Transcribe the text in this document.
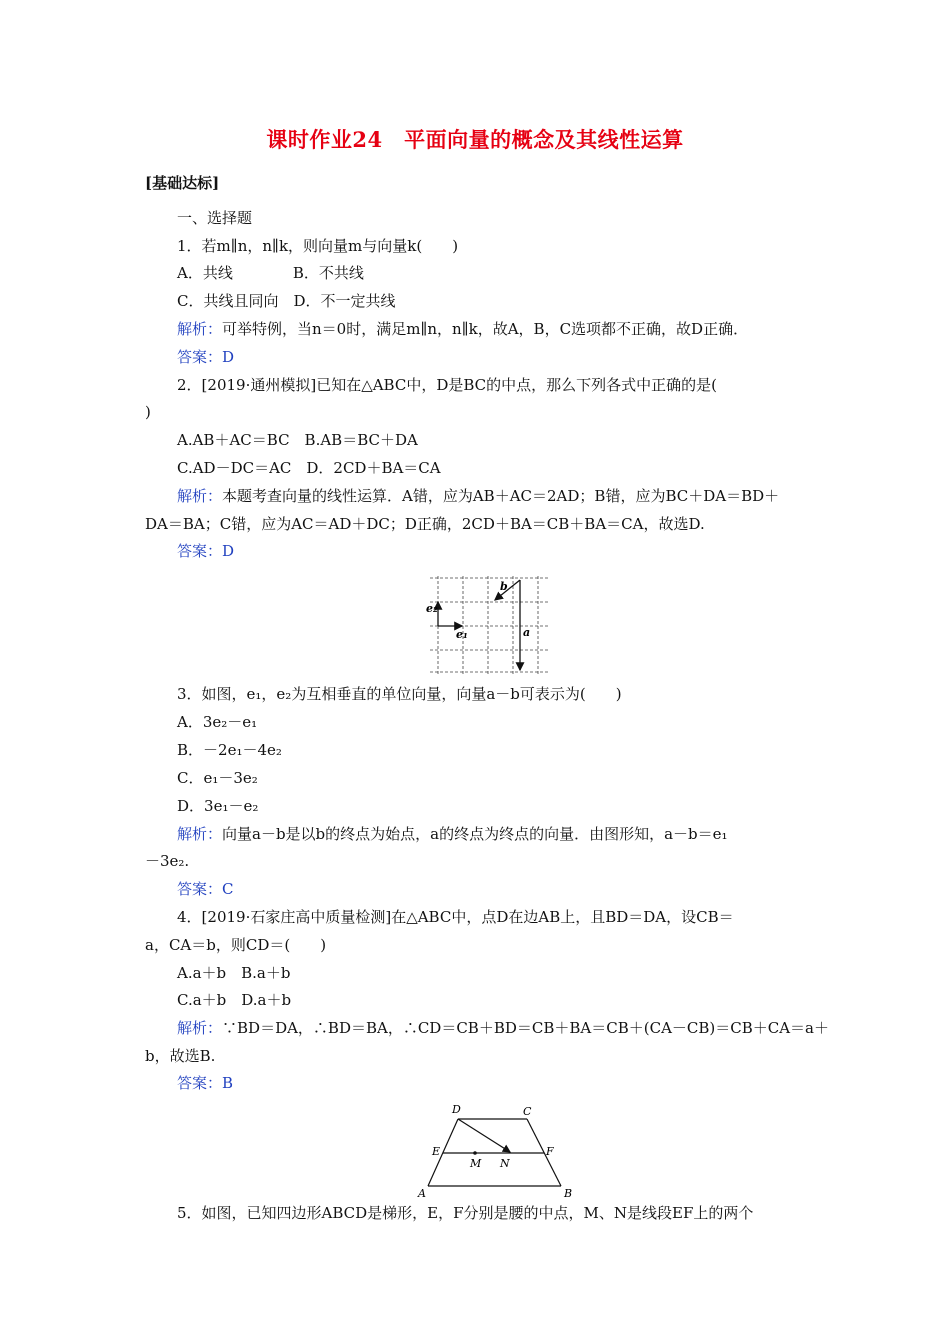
课时作业24　平面向量的概念及其线性运算
[基础达标]
一、选择题
1．若m∥n，n∥k，则向量m与向量k(　　)
A．共线　　　　B．不共线
C．共线且同向　D．不一定共线
解析：可举特例，当n＝0时，满足m∥n，n∥k，故A，B，C选项都不正确，故D正确．
答案：D
2．[2019·通州模拟]已知在△ABC中，D是BC的中点，那么下列各式中正确的是(
)
A.AB＋AC＝BC　B.AB＝BC＋DA
C.AD－DC＝AC　D．2CD＋BA＝CA
解析：本题考查向量的线性运算．A错，应为AB＋AC＝2AD；B错，应为BC＋DA＝BD＋
DA＝BA；C错，应为AC＝AD＋DC；D正确，2CD＋BA＝CB＋BA＝CA，故选D.
答案：D
e₂
e₁
b
a
3．如图，e₁，e₂为互相垂直的单位向量，向量a－b可表示为(　　)
A．3e₂－e₁
B．－2e₁－4e₂
C．e₁－3e₂
D．3e₁－e₂
解析：向量a－b是以b的终点为始点，a的终点为终点的向量．由图形知，a－b＝e₁
－3e₂.
答案：C
4．[2019·石家庄高中质量检测]在△ABC中，点D在边AB上，且BD＝DA，设CB＝
a，CA＝b，则CD＝(　　)
A.a＋b　B.a＋b
C.a＋b　D.a＋b
解析：∵BD＝DA，∴BD＝BA，∴CD＝CB＋BD＝CB＋BA＝CB＋(CA－CB)＝CB＋CA＝a＋
b，故选B.
答案：B
D	C
E	F
M N
A	B
5．如图，已知四边形ABCD是梯形，E，F分别是腰的中点，M、N是线段EF上的两个
